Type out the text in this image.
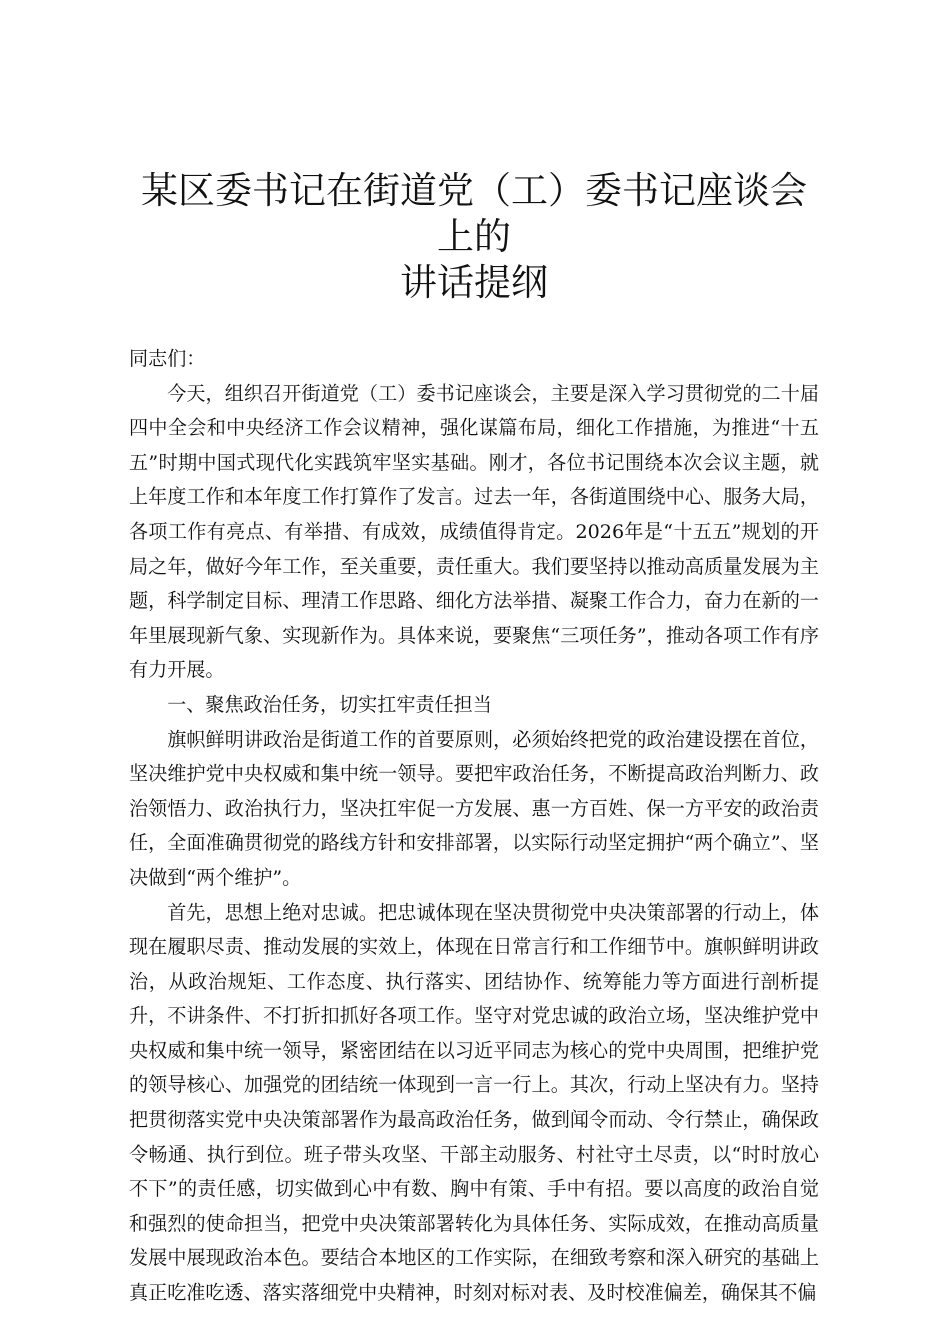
某区委书记在街道党（工）委书记座谈会上的
讲话提纲

同志们：

今天，组织召开街道党（工）委书记座谈会，主要是深入学习贯彻党的二十届四中全会和中央经济工作会议精神，强化谋篇布局，细化工作措施，为推进“十五五”时期中国式现代化实践筑牢坚实基础。刚才，各位书记围绕本次会议主题，就上年度工作和本年度工作打算作了发言。过去一年，各街道围绕中心、服务大局，各项工作有亮点、有举措、有成效，成绩值得肯定。2026年是“十五五”规划的开局之年，做好今年工作，至关重要，责任重大。我们要坚持以推动高质量发展为主题，科学制定目标、理清工作思路、细化方法举措、凝聚工作合力，奋力在新的一年里展现新气象、实现新作为。具体来说，要聚焦“三项任务”，推动各项工作有序有力开展。

一、聚焦政治任务，切实扛牢责任担当

旗帜鲜明讲政治是街道工作的首要原则，必须始终把党的政治建设摆在首位，坚决维护党中央权威和集中统一领导。要把牢政治任务，不断提高政治判断力、政治领悟力、政治执行力，坚决扛牢促一方发展、惠一方百姓、保一方平安的政治责任，全面准确贯彻党的路线方针和安排部署，以实际行动坚定拥护“两个确立”、坚决做到“两个维护”。

首先，思想上绝对忠诚。把忠诚体现在坚决贯彻党中央决策部署的行动上，体现在履职尽责、推动发展的实效上，体现在日常言行和工作细节中。旗帜鲜明讲政治，从政治规矩、工作态度、执行落实、团结协作、统筹能力等方面进行剖析提升，不讲条件、不打折扣抓好各项工作。坚守对党忠诚的政治立场，坚决维护党中央权威和集中统一领导，紧密团结在以习近平同志为核心的党中央周围，把维护党的领导核心、加强党的团结统一体现到一言一行上。其次，行动上坚决有力。坚持把贯彻落实党中央决策部署作为最高政治任务，做到闻令而动、令行禁止，确保政令畅通、执行到位。班子带头攻坚、干部主动服务、村社守土尽责，以“时时放心不下”的责任感，切实做到心中有数、胸中有策、手中有招。要以高度的政治自觉和强烈的使命担当，把党中央决策部署转化为具体任务、实际成效，在推动高质量发展中展现政治本色。要结合本地区的工作实际，在细致考察和深入研究的基础上真正吃准吃透、落实落细党中央精神，时刻对标对表、及时校准偏差，确保其不偏
